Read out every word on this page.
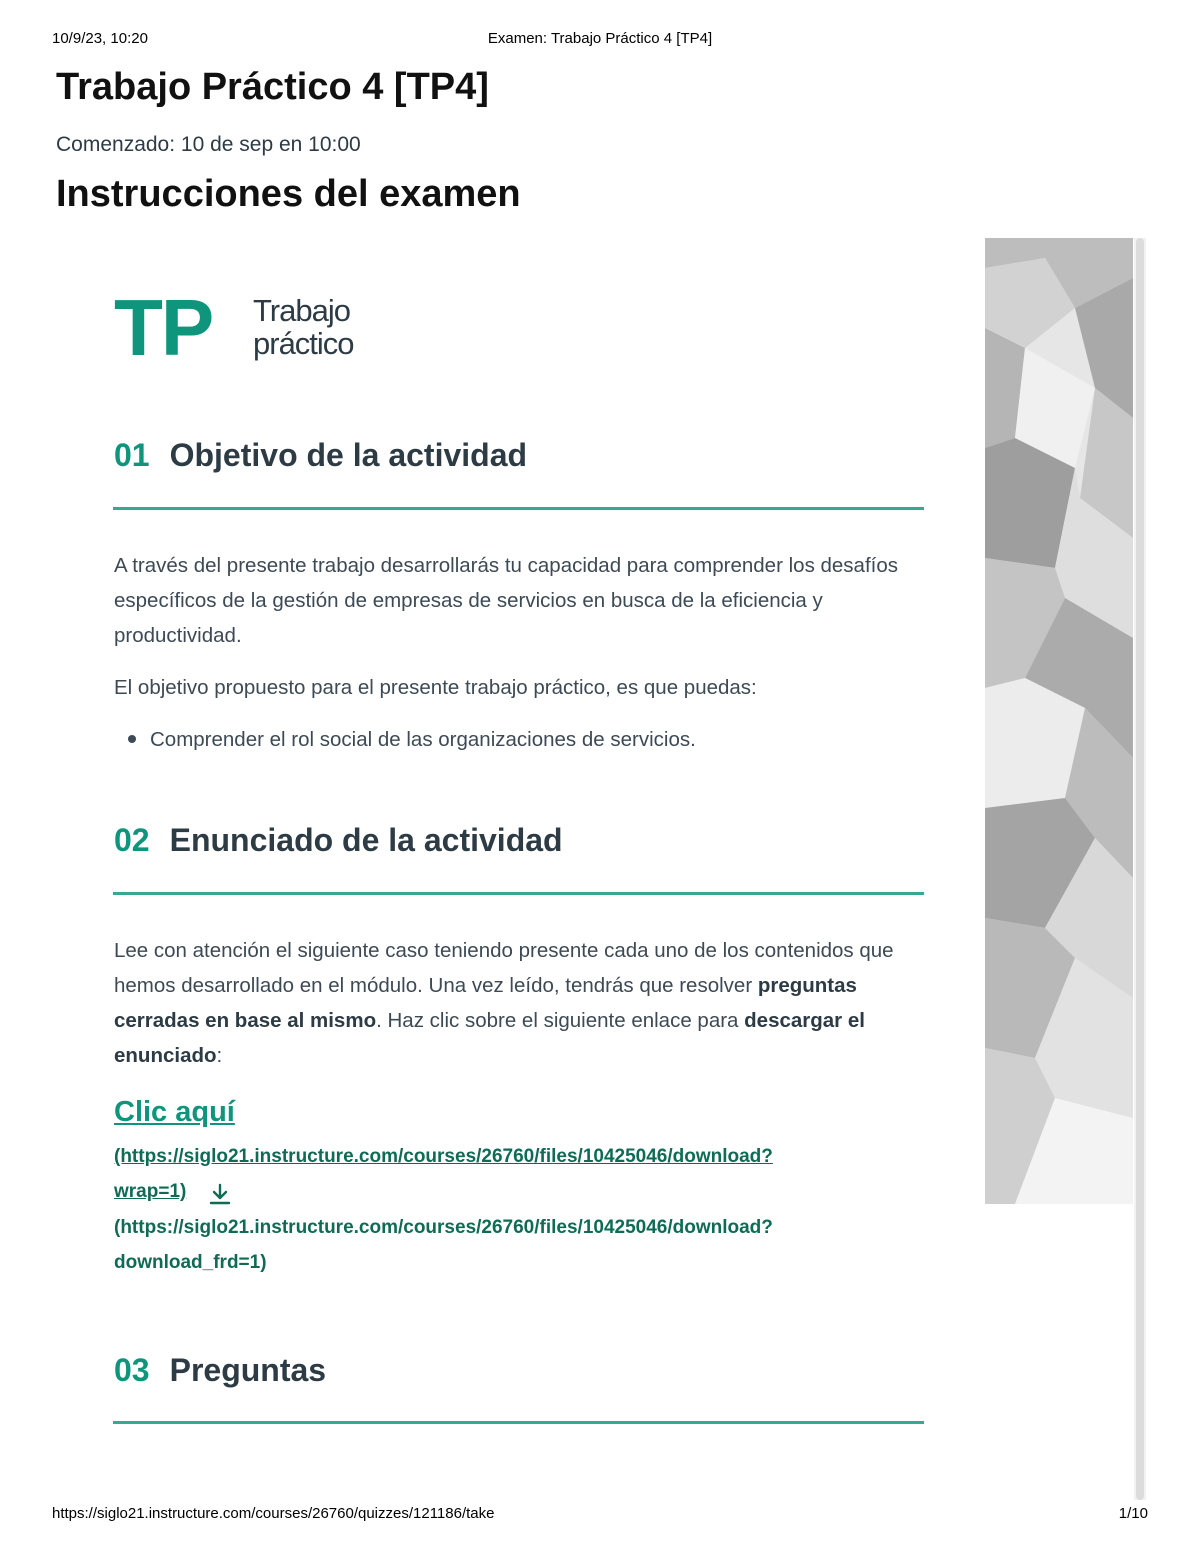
10/9/23, 10:20	Examen: Trabajo Práctico 4 [TP4]
Trabajo Práctico 4 [TP4]
Comenzado: 10 de sep en 10:00
Instrucciones del examen
TP Trabajo
práctico
01 Objetivo de la actividad

A través del presente trabajo desarrollarás tu capacidad para comprender los desafíos específicos de la gestión de empresas de servicios en busca de la eficiencia y productividad.

El objetivo propuesto para el presente trabajo práctico, es que puedas:

Comprender el rol social de las organizaciones de servicios.
02 Enunciado de la actividad

Lee con atención el siguiente caso teniendo presente cada uno de los contenidos que hemos desarrollado en el módulo. Una vez leído, tendrás que resolver preguntas cerradas en base al mismo. Haz clic sobre el siguiente enlace para descargar el enunciado:

Clic aquí
(https://siglo21.instructure.com/courses/26760/files/10425046/download?
wrap=1)
(https://siglo21.instructure.com/courses/26760/files/10425046/download?
download_frd=1)
03 Preguntas
https://siglo21.instructure.com/courses/26760/quizzes/121186/take	1/10
